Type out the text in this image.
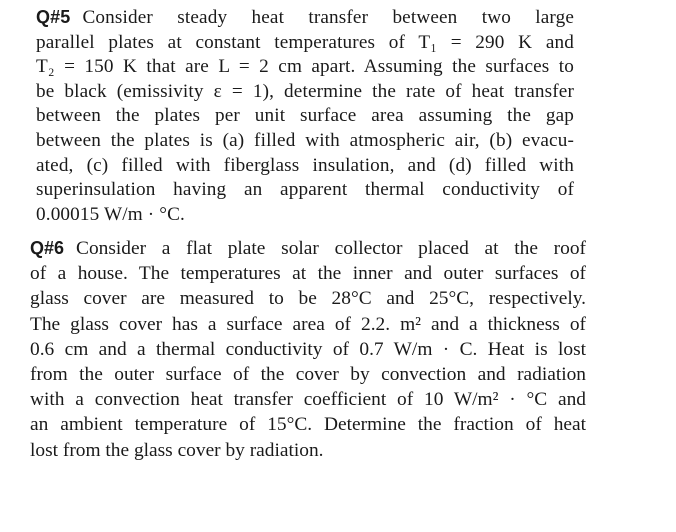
Q#5 Consider steady heat transfer between two large
parallel plates at constant temperatures of T₁ = 290 K and
T₂ = 150 K that are L = 2 cm apart. Assuming the surfaces to
be black (emissivity ε = 1), determine the rate of heat transfer
between the plates per unit surface area assuming the gap
between the plates is (a) filled with atmospheric air, (b) evacu-
ated, (c) filled with fiberglass insulation, and (d) filled with
superinsulation having an apparent thermal conductivity of
0.00015 W/m · °C.
Q#6 Consider a flat plate solar collector placed at the roof
of a house. The temperatures at the inner and outer surfaces of
glass cover are measured to be 28°C and 25°C, respectively.
The glass cover has a surface area of 2.2. m² and a thickness of
0.6 cm and a thermal conductivity of 0.7 W/m · C. Heat is lost
from the outer surface of the cover by convection and radiation
with a convection heat transfer coefficient of 10 W/m² · °C and
an ambient temperature of 15°C. Determine the fraction of heat
lost from the glass cover by radiation.
